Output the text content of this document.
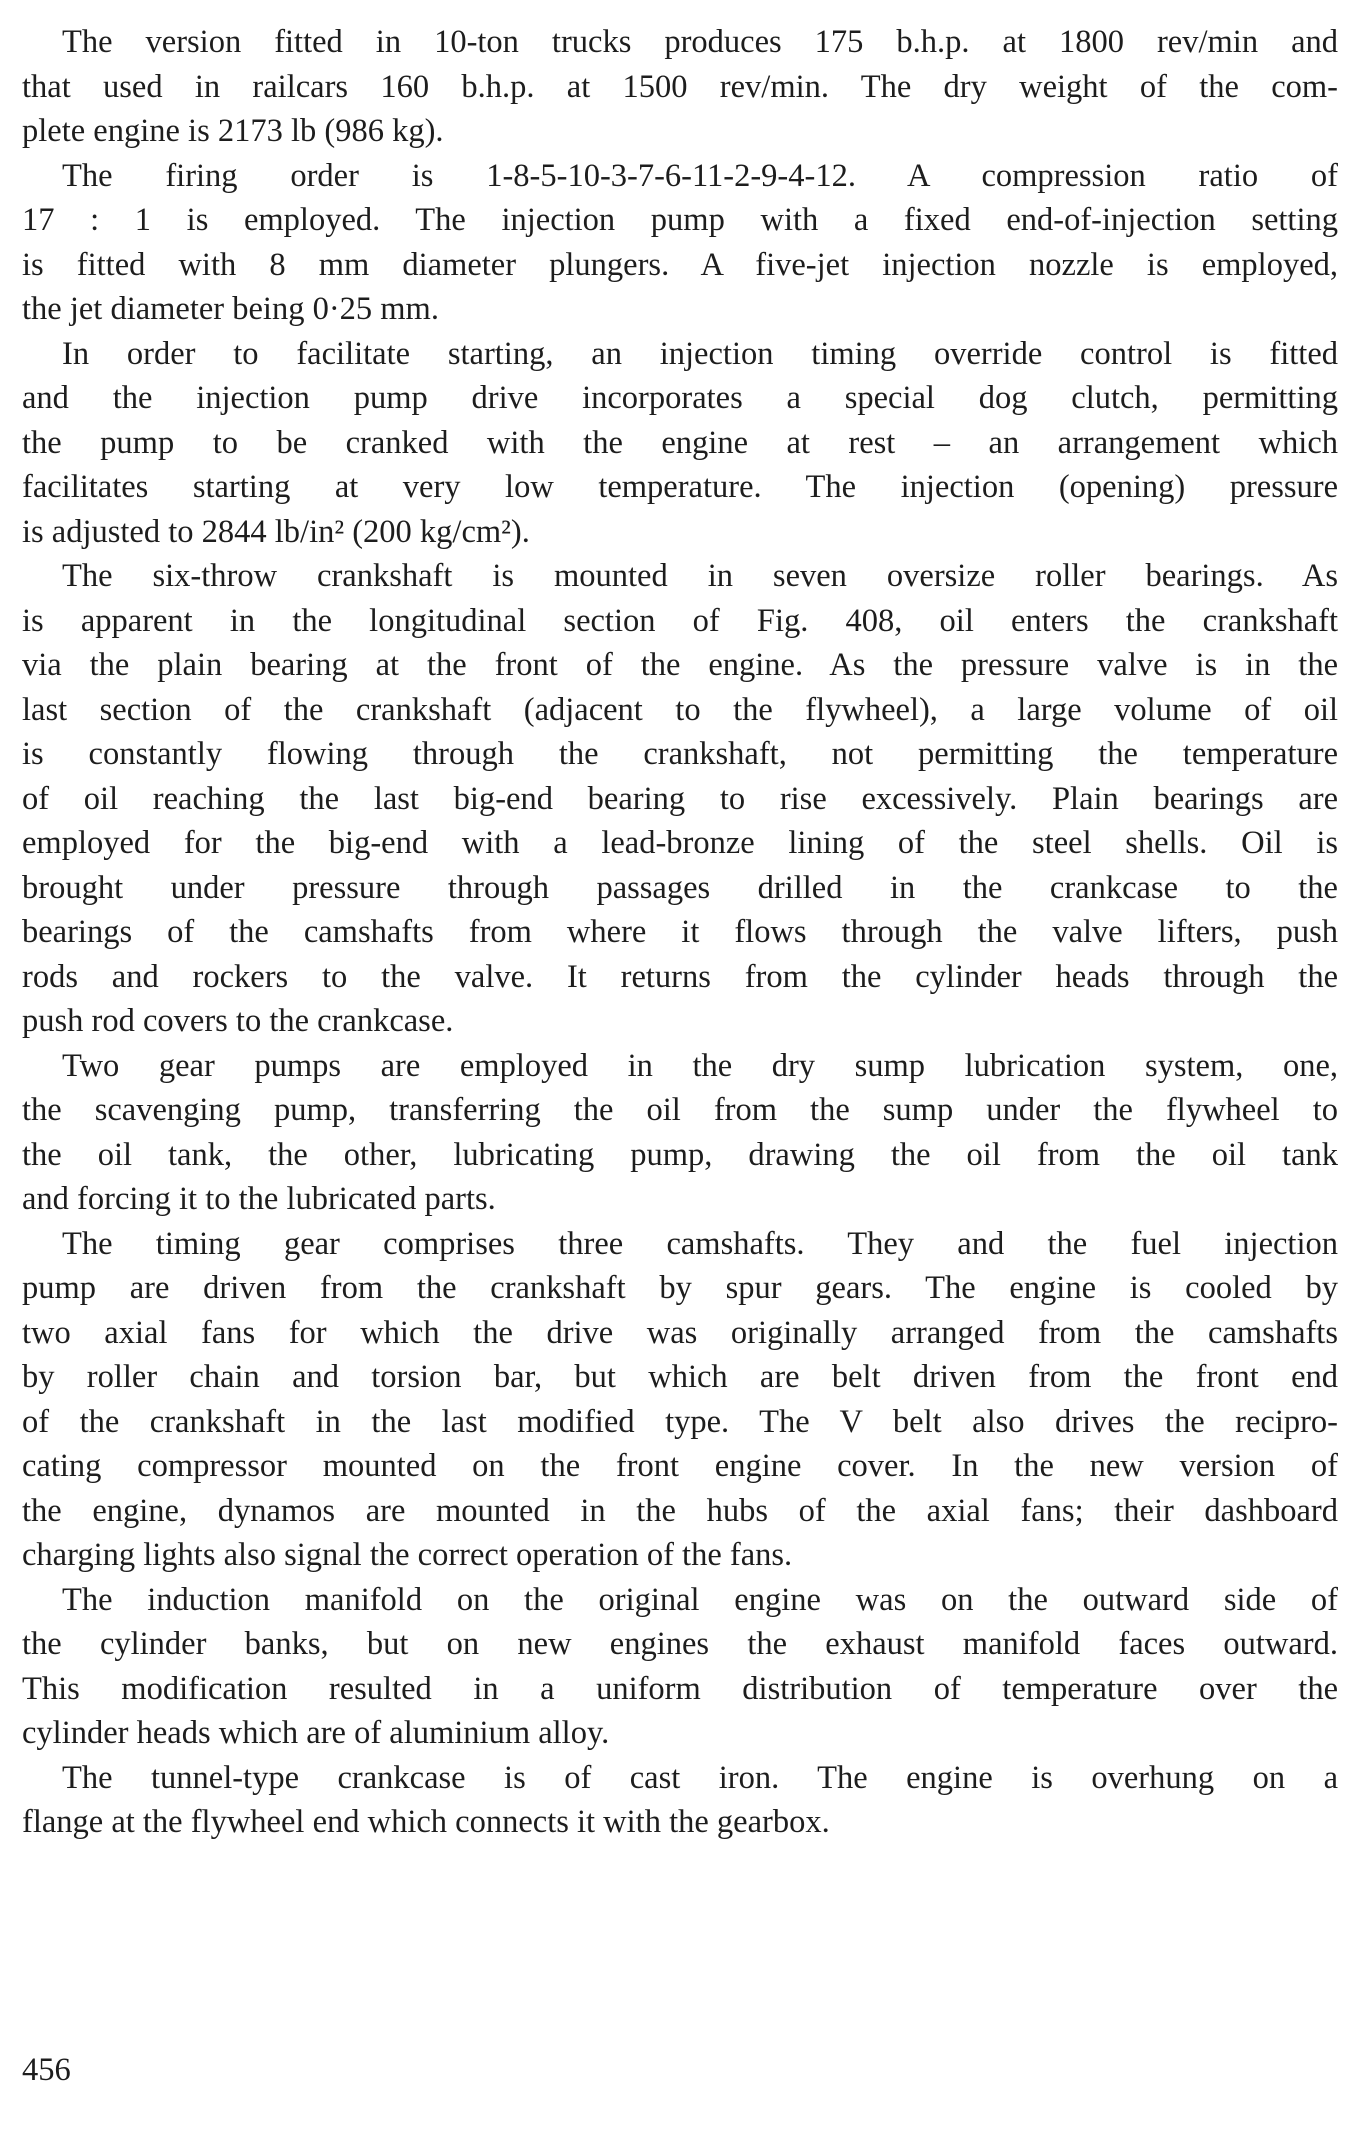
The version fitted in 10-ton trucks produces 175 b.h.p. at 1800 rev/min and
that used in railcars 160 b.h.p. at 1500 rev/min. The dry weight of the com-
plete engine is 2173 lb (986 kg).
The firing order is 1-8-5-10-3-7-6-11-2-9-4-12. A compression ratio of
17 : 1 is employed. The injection pump with a fixed end-of-injection setting
is fitted with 8 mm diameter plungers. A five-jet injection nozzle is employed,
the jet diameter being 0·25 mm.
In order to facilitate starting, an injection timing override control is fitted
and the injection pump drive incorporates a special dog clutch, permitting
the pump to be cranked with the engine at rest – an arrangement which
facilitates starting at very low temperature. The injection (opening) pressure
is adjusted to 2844 lb/in² (200 kg/cm²).
The six-throw crankshaft is mounted in seven oversize roller bearings. As
is apparent in the longitudinal section of Fig. 408, oil enters the crankshaft
via the plain bearing at the front of the engine. As the pressure valve is in the
last section of the crankshaft (adjacent to the flywheel), a large volume of oil
is constantly flowing through the crankshaft, not permitting the temperature
of oil reaching the last big-end bearing to rise excessively. Plain bearings are
employed for the big-end with a lead-bronze lining of the steel shells. Oil is
brought under pressure through passages drilled in the crankcase to the
bearings of the camshafts from where it flows through the valve lifters, push
rods and rockers to the valve. It returns from the cylinder heads through the
push rod covers to the crankcase.
Two gear pumps are employed in the dry sump lubrication system, one,
the scavenging pump, transferring the oil from the sump under the flywheel to
the oil tank, the other, lubricating pump, drawing the oil from the oil tank
and forcing it to the lubricated parts.
The timing gear comprises three camshafts. They and the fuel injection
pump are driven from the crankshaft by spur gears. The engine is cooled by
two axial fans for which the drive was originally arranged from the camshafts
by roller chain and torsion bar, but which are belt driven from the front end
of the crankshaft in the last modified type. The V belt also drives the recipro-
cating compressor mounted on the front engine cover. In the new version of
the engine, dynamos are mounted in the hubs of the axial fans; their dashboard
charging lights also signal the correct operation of the fans.
The induction manifold on the original engine was on the outward side of
the cylinder banks, but on new engines the exhaust manifold faces outward.
This modification resulted in a uniform distribution of temperature over the
cylinder heads which are of aluminium alloy.
The tunnel-type crankcase is of cast iron. The engine is overhung on a
flange at the flywheel end which connects it with the gearbox.
456
